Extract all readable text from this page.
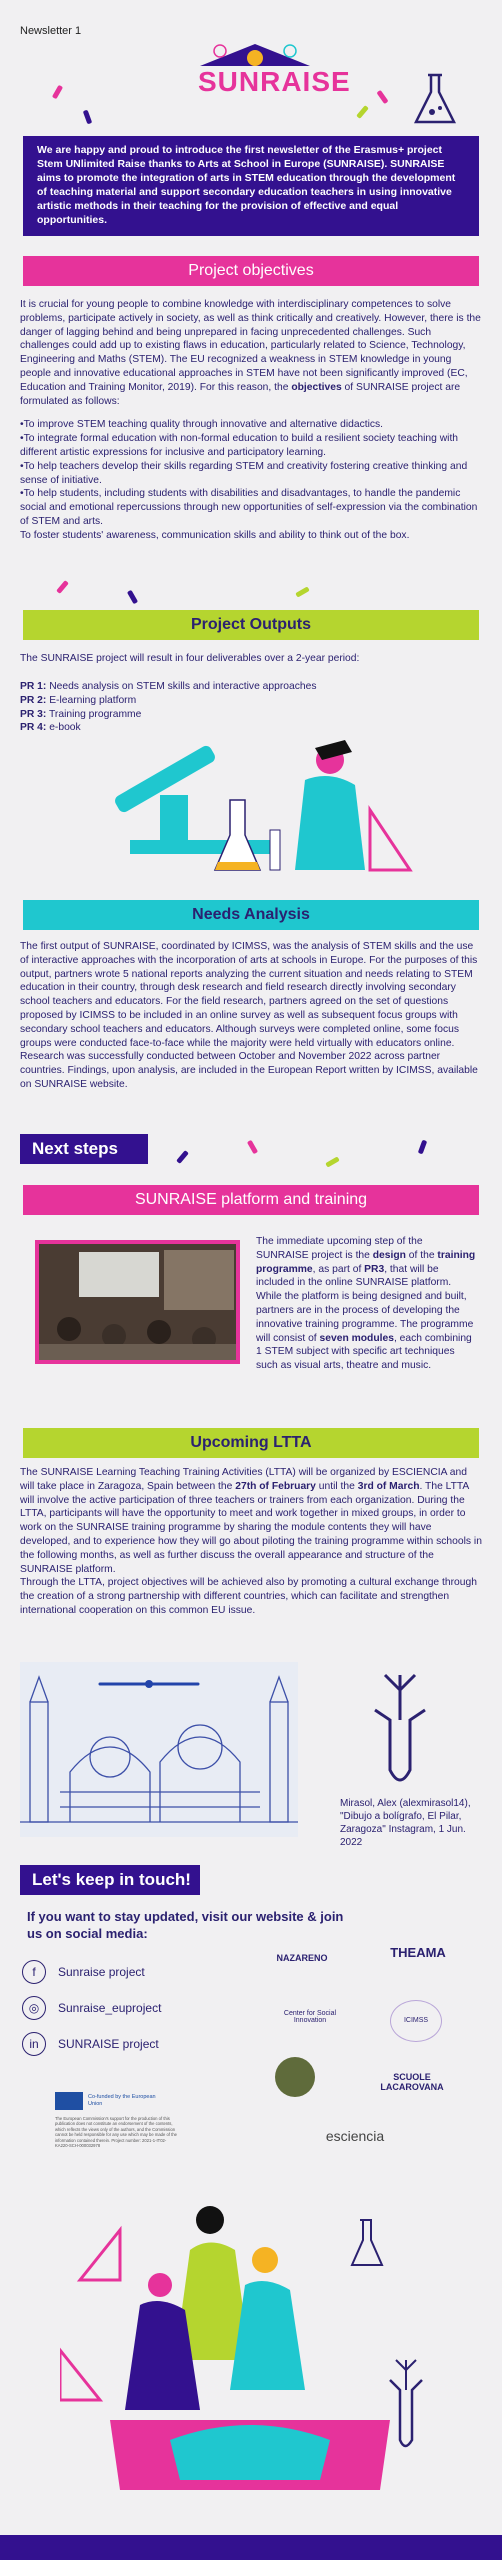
Newsletter 1
SUNRAISE
We are happy and proud to introduce the first newsletter of the Erasmus+ project Stem UNlimited Raise thanks to Arts at School in Europe (SUNRAISE). SUNRAISE aims to promote the integration of arts in STEM education through the development of teaching material and support secondary education teachers in using innovative artistic methods in their teaching for the provision of effective and equal opportunities.
Project objectives

It is crucial for young people to combine knowledge with interdisciplinary competences to solve problems, participate actively in society, as well as think critically and creatively. However, there is the danger of lagging behind and being unprepared in facing unprecedented challenges. Such challenges could add up to existing flaws in education, particularly related to Science, Technology, Engineering and Maths (STEM). The EU recognized a weakness in STEM knowledge in young people and innovative educational approaches in STEM have not been significantly improved (EC, Education and Training Monitor, 2019). For this reason, the objectives of SUNRAISE project are formulated as follows:

•To improve STEM teaching quality through innovative and alternative didactics.

•To integrate formal education with non-formal education to build a resilient society teaching with different artistic expressions for inclusive and participatory learning.

•To help teachers develop their skills regarding STEM and creativity fostering creative thinking and sense of initiative.

•To help students, including students with disabilities and disadvantages, to handle the pandemic social and emotional repercussions through new opportunities of self-expression via the combination of STEM and arts.

To foster students' awareness, communication skills and ability to think out of the box.

Project Outputs
The SUNRAISE project will result in four deliverables over a 2-year period:
PR 1: Needs analysis on STEM skills and interactive approaches
PR 2: E-learning platform
PR 3: Training programme
PR 4: e-book
Needs Analysis
The first output of SUNRAISE, coordinated by ICIMSS, was the analysis of STEM skills and the use of interactive approaches with the incorporation of arts at schools in Europe. For the purposes of this output, partners wrote 5 national reports analyzing the current situation and needs relating to STEM education in their country, through desk research and field research directly involving secondary school teachers and educators. For the field research, partners agreed on the set of questions proposed by ICIMSS to be included in an online survey as well as subsequent focus groups with secondary school teachers and educators. Although surveys were completed online, some focus groups were conducted face-to-face while the majority were held virtually with educators online. Research was successfully conducted between October and November 2022 across partner countries. Findings, upon analysis, are included in the European Report written by ICIMSS, available on SUNRAISE website.
Next steps
SUNRAISE platform and training
The immediate upcoming step of the SUNRAISE project is the design of the training programme, as part of PR3, that will be included in the online SUNRAISE platform. While the platform is being designed and built, partners are in the process of developing the innovative training programme. The programme will consist of seven modules, each combining 1 STEM subject with specific art techniques such as visual arts, theatre and music.
Upcoming LTTA

The SUNRAISE Learning Teaching Training Activities (LTTA) will be organized by ESCIENCIA and will take place in Zaragoza, Spain between the 27th of February until the 3rd of March. The LTTA will involve the active participation of three teachers or trainers from each organization. During the LTTA, participants will have the opportunity to meet and work together in mixed groups, in order to work on the SUNRAISE training programme by sharing the module contents they will have developed, and to experience how they will go about piloting the training programme within schools in the following months, as well as further discuss the overall appearance and structure of the SUNRAISE platform.

Through the LTTA, project objectives will be achieved also by promoting a cultural exchange through the creation of a strong partnership with different countries, which can facilitate and strengthen international cooperation on this common EU issue.

Mirasol, Alex (alexmirasol14), "Dibujo a bolígrafo, El Pilar, Zaragoza" Instagram, 1 Jun. 2022
Let's keep in touch!
If you want to stay updated, visit our website & join us on social media:
f	Sunraise project
◎	Sunraise_euproject
in	SUNRAISE project
NAZARENO	THEAMA
Center for Social Innovation	ICIMSS
SCUOLE LACAROVANA
esciencia
Co-funded by the European Union
The European Commission's support for the production of this publication does not constitute an endorsement of the contents, which reflects the views only of the authors, and the Commission cannot be held responsible for any use which may be made of the information contained therein. Project number: 2021-1-IT02-KA220-SCH-000032978
